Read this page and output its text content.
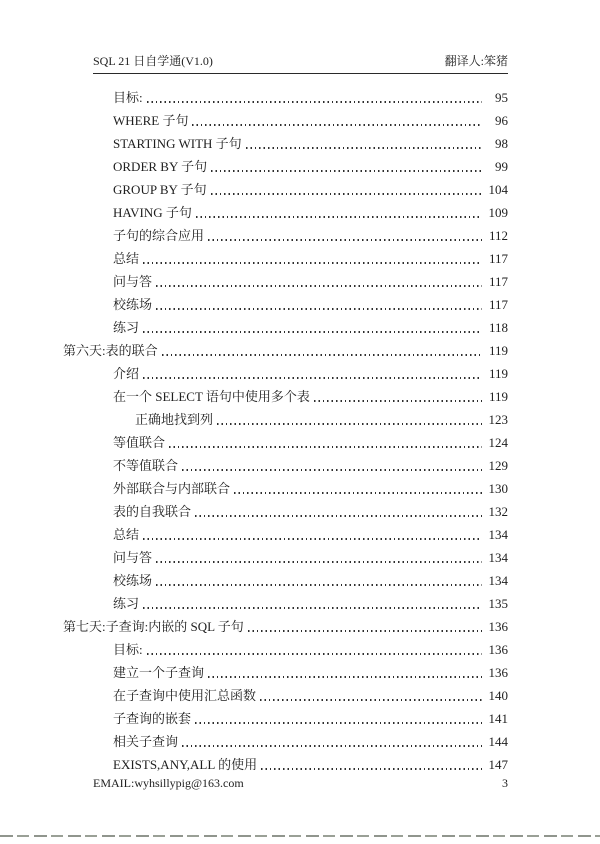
SQL 21 日自学通(V1.0)	翻译人:笨猪
目标:	95
WHERE 子句	96
STARTING WITH 子句	98
ORDER BY 子句	99
GROUP BY 子句	104
HAVING 子句	109
子句的综合应用	112
总结	117
问与答	117
校练场	117
练习	118
第六天:表的联合	119
介绍	119
在一个 SELECT 语句中使用多个表	119
正确地找到列	123
等值联合	124
不等值联合	129
外部联合与内部联合	130
表的自我联合	132
总结	134
问与答	134
校练场	134
练习	135
第七天:子查询:内嵌的 SQL 子句	136
目标:	136
建立一个子查询	136
在子查询中使用汇总函数	140
子查询的嵌套	141
相关子查询	144
EXISTS,ANY,ALL 的使用	147
EMAIL:wyhsillypig@163.com	3
